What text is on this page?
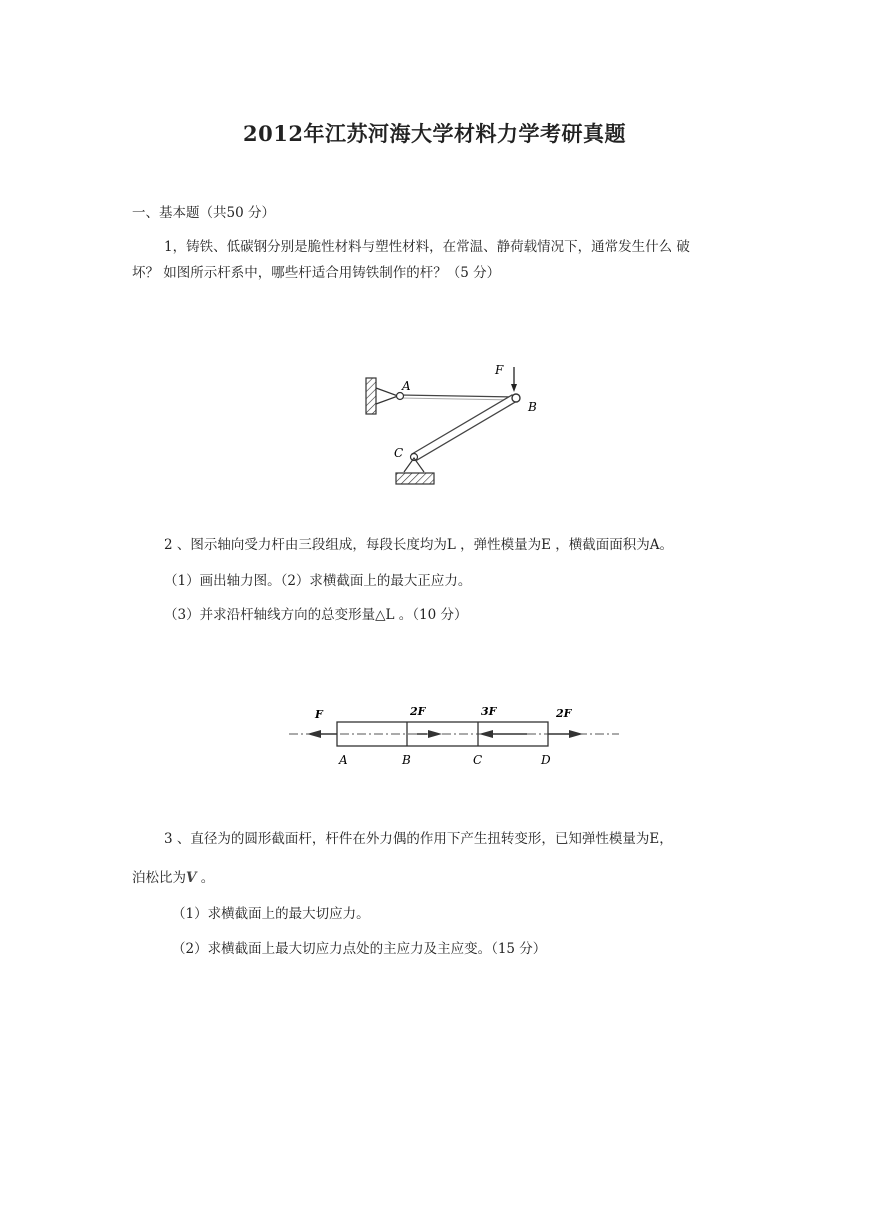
2012年江苏河海大学材料力学考研真题
一、基本题（共50 分）
1，铸铁、低碳钢分别是脆性材料与塑性材料，在常温、静荷载情况下，通常发生什么 破
坏？ 如图所示杆系中，哪些杆适合用铸铁制作的杆？（5 分）
F
A
B
C
2 、图示轴向受力杆由三段组成，每段长度均为L ，弹性模量为E ，横截面面积为A。
（1）画出轴力图。（2）求横截面上的最大正应力。
（3）并求沿杆轴线方向的总变形量△L 。（10 分）
F	2F	3F	2F
A	B	C	D
3 、直径为的圆形截面杆，杆件在外力偶的作用下产生扭转变形，已知弹性模量为E，
泊松比为V 。
（1）求横截面上的最大切应力。
（2）求横截面上最大切应力点处的主应力及主应变。（15 分）
